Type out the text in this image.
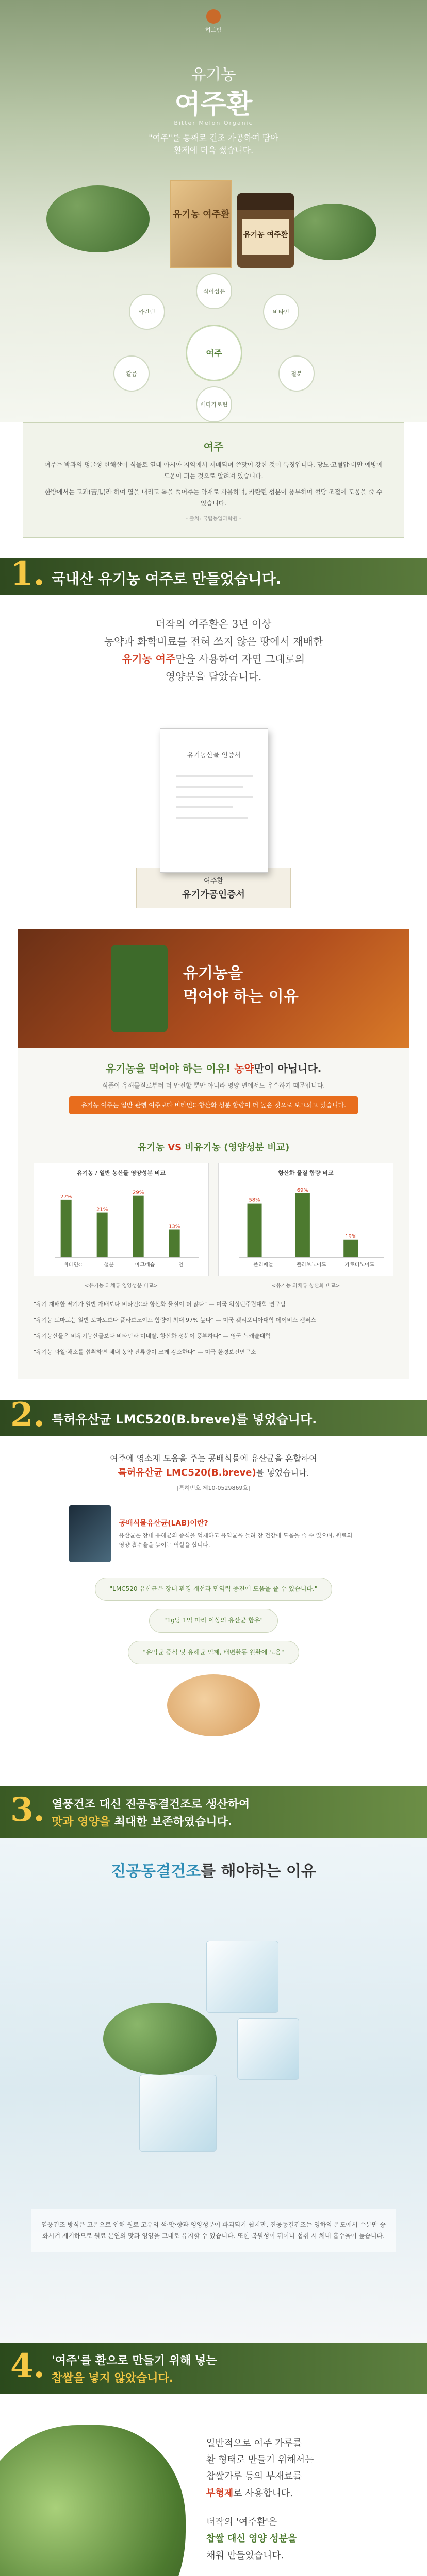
허브팜
유기농
여주환
Bitter Melon Organic
"여주"를 통째로 건조 가공하여 담아
환제에 더욱 썼습니다.
유기농 여주환
유기농 여주환
여주
카란틴
식이섬유
비타민
칼륨	철분
베타카로틴
여주

여주는 박과의 덩굴성 한해살이 식물로 열대 아시아 지역에서 재배되며 쓴맛이 강한 것이 특징입니다. 당뇨·고혈압·비만 예방에 도움이 되는 것으로 알려져 있습니다.

한방에서는 고과(苦瓜)라 하여 열을 내리고 독을 풀어주는 약재로 사용하며, 카란틴 성분이 풍부하여 혈당 조절에 도움을 줄 수 있습니다.

- 출처: 국립농업과학원 -
1. 국내산 유기농 여주로 만들었습니다.
더작의 여주환은 3년 이상
농약과 화학비료를 전혀 쓰지 않은 땅에서 재배한
유기농 여주만을 사용하여 자연 그대로의
영양분을 담았습니다.
유기농산물 인증서
여주환
유기가공인증서
유기농을
먹어야 하는 이유
유기농을 먹어야 하는 이유! 농약만이 아닙니다.
식품이 유해물질로부터 더 안전할 뿐만 아니라 영양 면에서도 우수하기 때문입니다.
유기농 여주는 일반 관행 여주보다 비타민C·항산화 성분 함량이 더 높은 것으로 보고되고 있습니다.
유기농 VS 비유기농 (영양성분 비교)
유기농 / 일반 농산물 영양성분 비교
27%
비타민C
21%
철분
29%
마그네슘
13%
인
항산화 물질 함량 비교
58%
폴리페놀
69%
플라보노이드
19%
카로티노이드
<유기농 과채류 영양성분 비교>	<유기농 과채류 항산화 비교>

"유기 재배한 딸기가 일반 재배보다 비타민C와 항산화 물질이 더 많다" — 미국 워싱턴주립대학 연구팀

"유기농 토마토는 일반 토마토보다 플라보노이드 함량이 최대 97% 높다" — 미국 캘리포니아대학 데이비스 캠퍼스

"유기농산물은 비유기농산물보다 비타민과 미네랄, 항산화 성분이 풍부하다" — 영국 뉴캐슬대학

"유기농 과일·채소를 섭취하면 체내 농약 잔류량이 크게 감소한다" — 미국 환경보건연구소

2. 특허유산균 LMC520(B.breve)를 넣었습니다.
여주에 영소제 도움을 주는 공배식물에 유산균을 혼합하여
특허유산균 LMC520(B.breve)를 넣었습니다.
[특허번호 제10-0529869호]
공배식물유산균(LAB)이란?

유산균은 장내 유해균의 증식을 억제하고 유익균을 늘려 장 건강에 도움을 줄 수 있으며, 원료의 영양 흡수율을 높이는 역할을 합니다.

"LMC520 유산균은 장내 환경 개선과 면역력 증진에 도움을 줄 수 있습니다."
"1g당 1억 마리 이상의 유산균 함유"
"유익균 증식 및 유해균 억제, 배변활동 원활에 도움"
3. 열풍건조 대신 진공동결건조로 생산하여
맛과 영양을 최대한 보존하였습니다.
진공동결건조를 해야하는 이유
열풍건조 방식은 고온으로 인해 원료 고유의 색·맛·향과 영양성분이 파괴되기 쉽지만, 진공동결건조는 영하의 온도에서 수분만 승화시켜 제거하므로 원료 본연의 맛과 영양을 그대로 유지할 수 있습니다. 또한 복원성이 뛰어나 섭취 시 체내 흡수율이 높습니다.
4. '여주'를 환으로 만들기 위해 넣는
찹쌀을 넣지 않았습니다.
일반적으로 여주 가루를
환 형태로 만들기 위해서는
찹쌀가루 등의 부재료를
부형제로 사용합니다.
더작의 '여주환'은
찹쌀 대신 영양 성분을
채워 만들었습니다.
